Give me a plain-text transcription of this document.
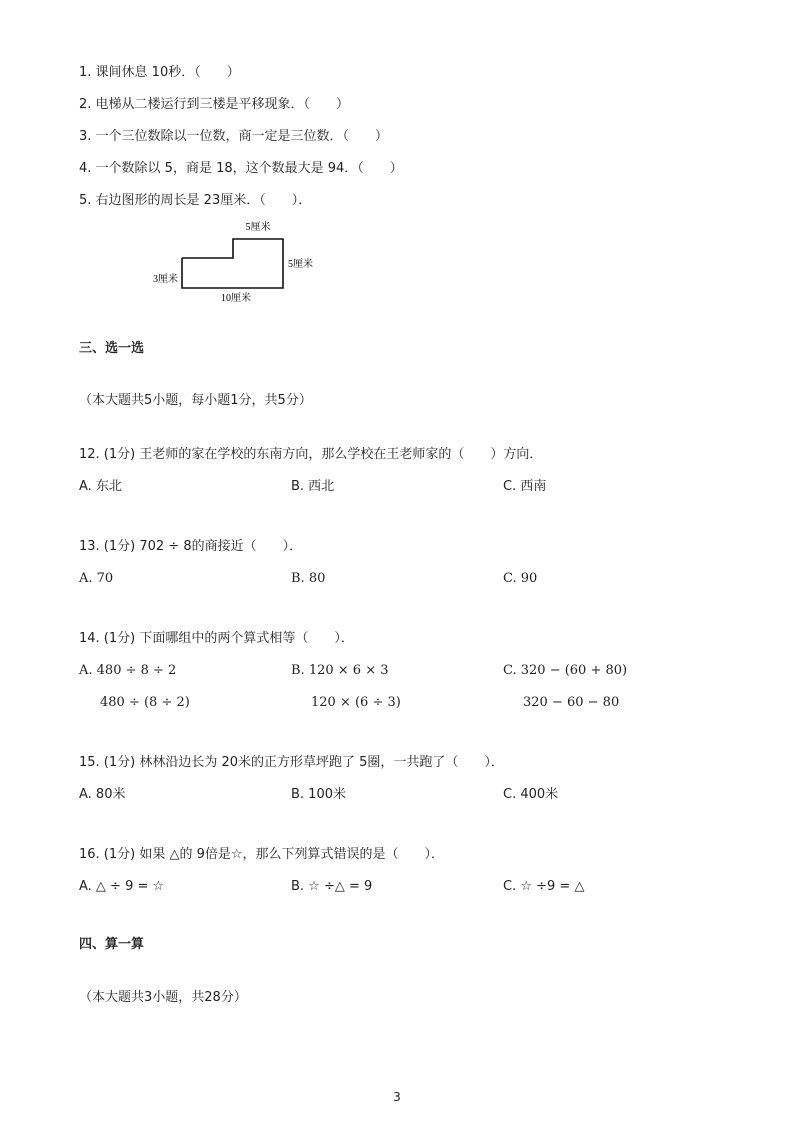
1. 课间休息 10秒．（　　）
2. 电梯从二楼运行到三楼是平移现象．（　　）
3. 一个三位数除以一位数，商一定是三位数．（　　）
4. 一个数除以 5，商是 18，这个数最大是 94．（　　）
5. 右边图形的周长是 23厘米．（　　）．
5厘米
5厘米
3厘米
10厘米
三、选一选
（本大题共5小题，每小题1分，共5分）
12. (1分) 王老师的家在学校的东南方向，那么学校在王老师家的（　　）方向．
A. 东北	B. 西北	C. 西南
13. (1分) 702 ÷ 8的商接近（　　）．
A. 70	B. 80	C. 90
14. (1分) 下面哪组中的两个算式相等（　　）．
A. 480 ÷ 8 ÷ 2	B. 120 × 6 × 3	C. 320 − (60 + 80)
480 ÷ (8 ÷ 2)	120 × (6 ÷ 3)	320 − 60 − 80
15. (1分) 林林沿边长为 20米的正方形草坪跑了 5圈，一共跑了（　　）．
A. 80米	B. 100米	C. 400米
16. (1分) 如果 △的 9倍是☆，那么下列算式错误的是（　　）．
A. △ ÷ 9 = ☆	B. ☆ ÷△ = 9	C. ☆ ÷9 = △
四、算一算
（本大题共3小题，共28分）
3
